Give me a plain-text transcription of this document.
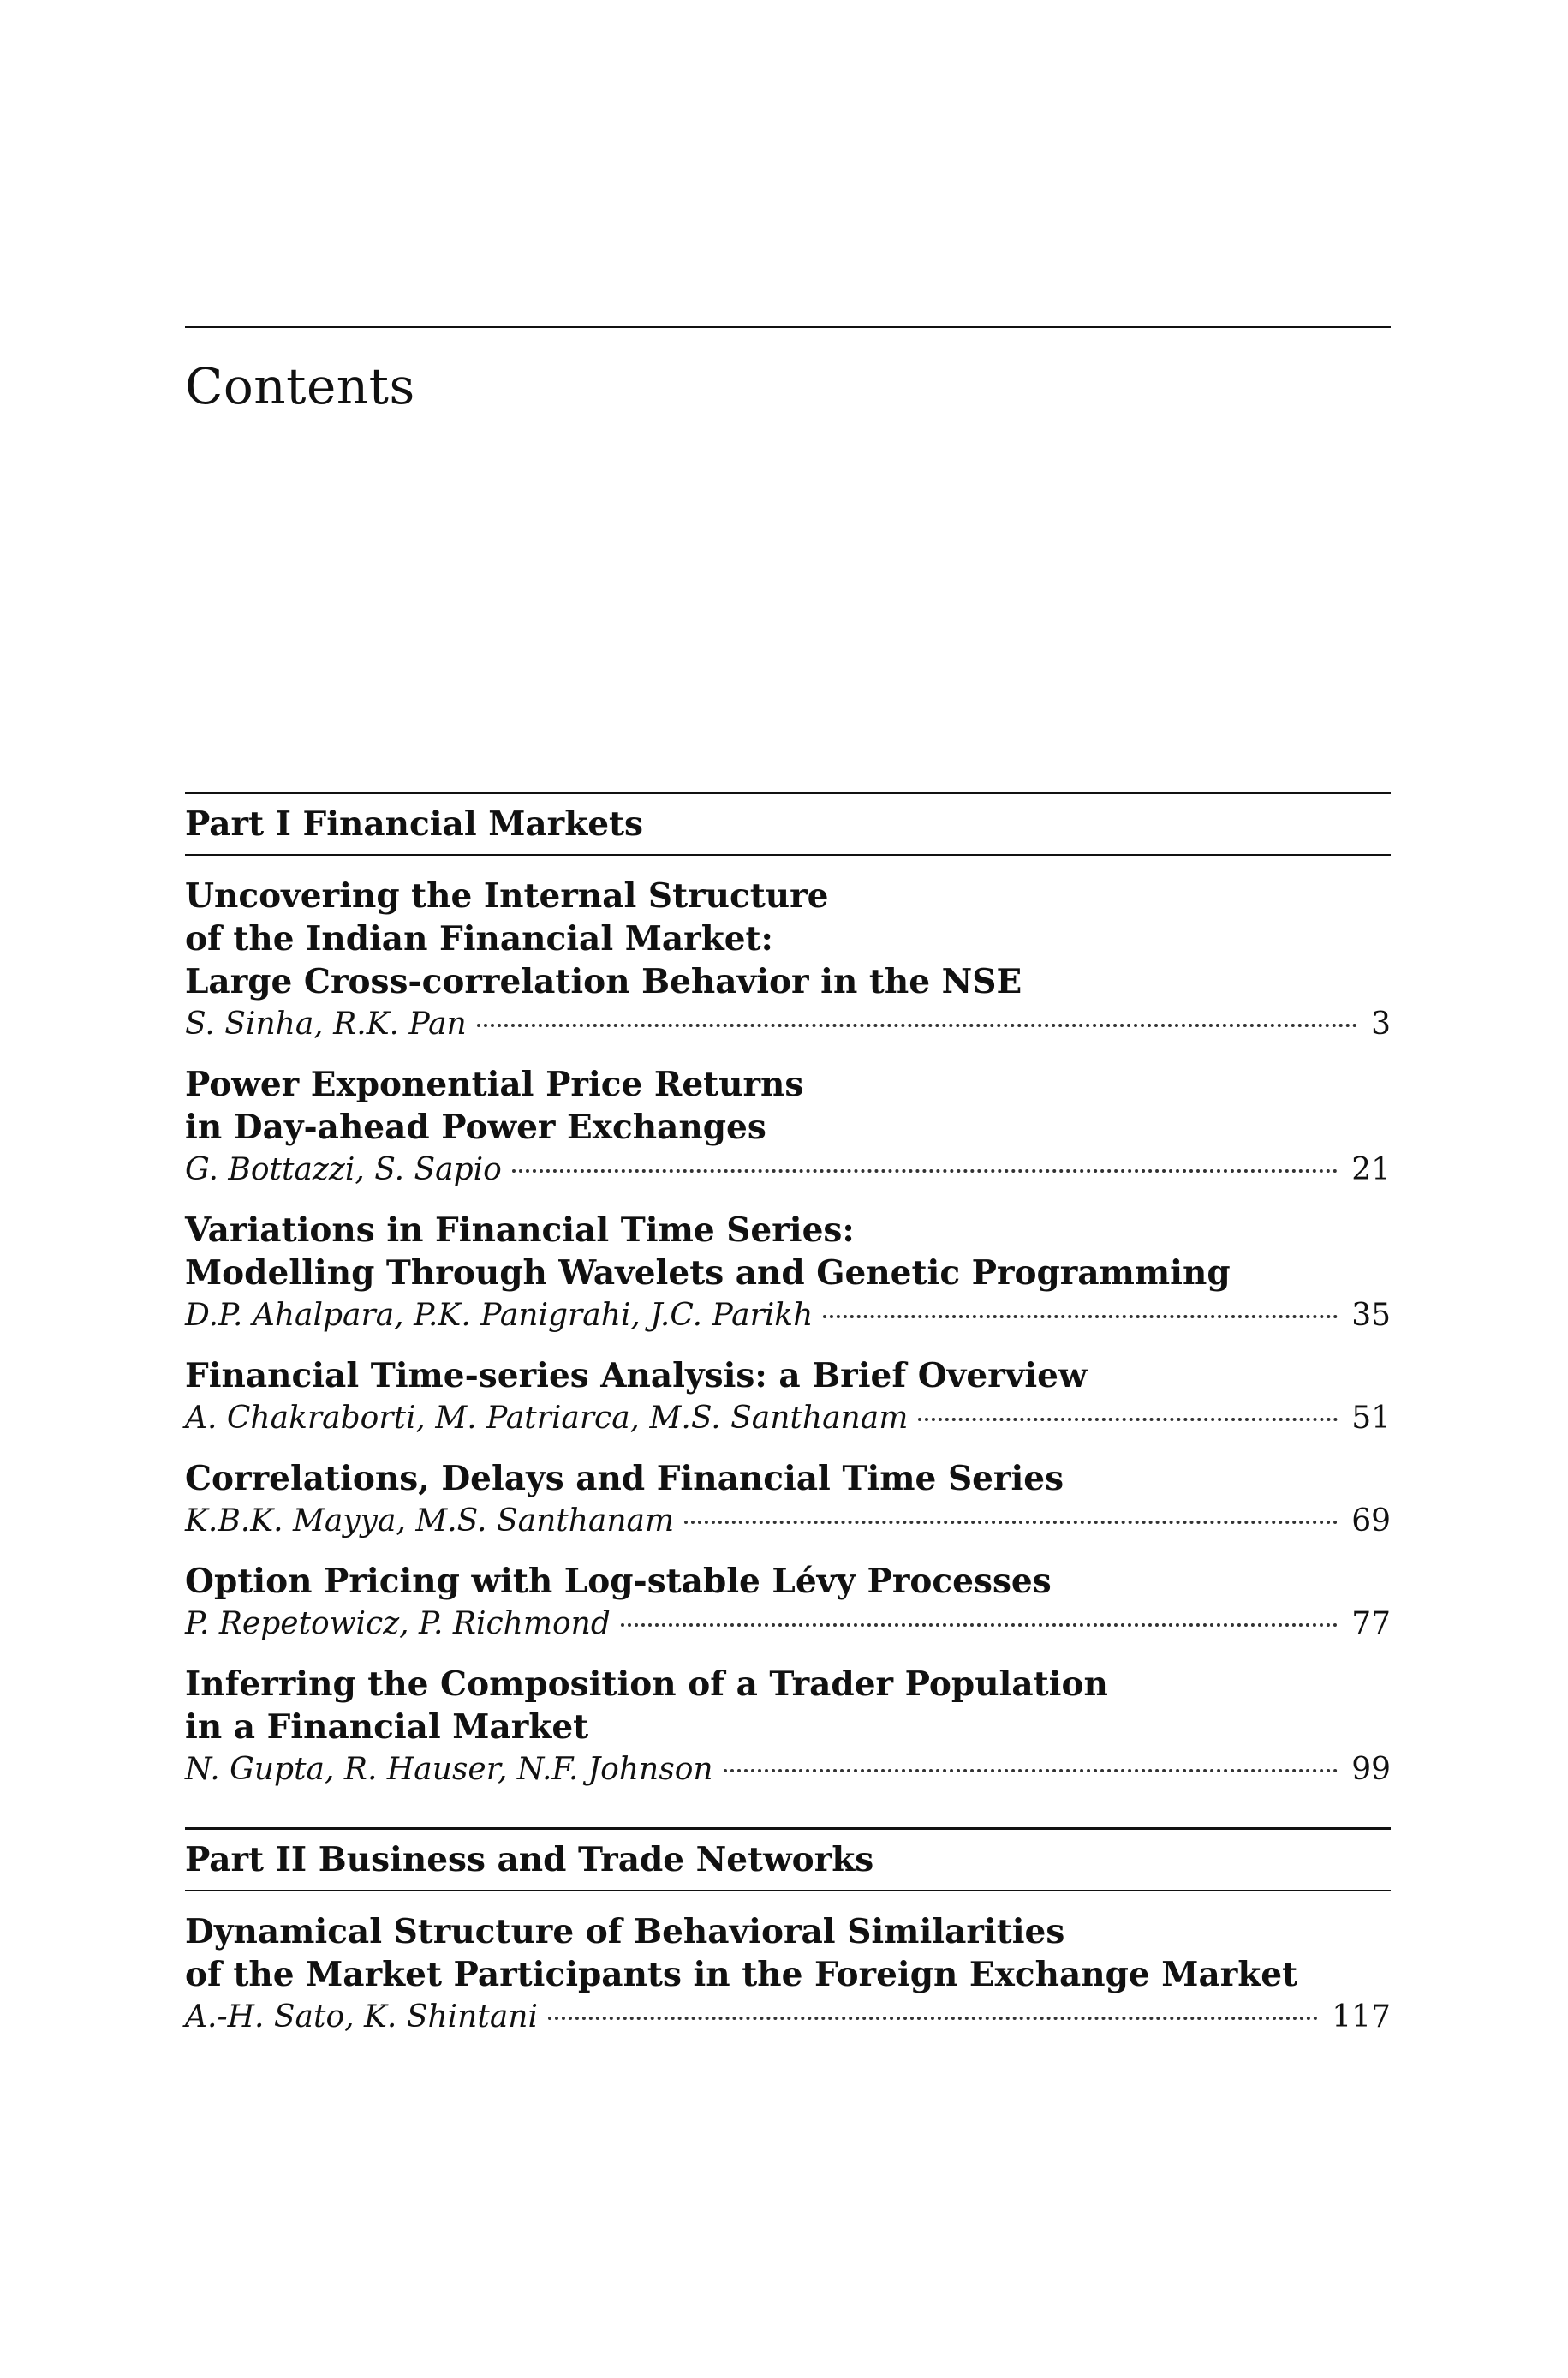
Contents
Part I Financial Markets
Uncovering the Internal Structure
of the Indian Financial Market:
Large Cross-correlation Behavior in the NSE
S. Sinha, R.K. Pan	3
Power Exponential Price Returns
in Day-ahead Power Exchanges
G. Bottazzi, S. Sapio	21
Variations in Financial Time Series:
Modelling Through Wavelets and Genetic Programming
D.P. Ahalpara, P.K. Panigrahi, J.C. Parikh	35
Financial Time-series Analysis: a Brief Overview
A. Chakraborti, M. Patriarca, M.S. Santhanam	51
Correlations, Delays and Financial Time Series
K.B.K. Mayya, M.S. Santhanam	69
Option Pricing with Log-stable Lévy Processes
P. Repetowicz, P. Richmond	77
Inferring the Composition of a Trader Population
in a Financial Market
N. Gupta, R. Hauser, N.F. Johnson	99
Part II Business and Trade Networks
Dynamical Structure of Behavioral Similarities
of the Market Participants in the Foreign Exchange Market
A.-H. Sato, K. Shintani	117
